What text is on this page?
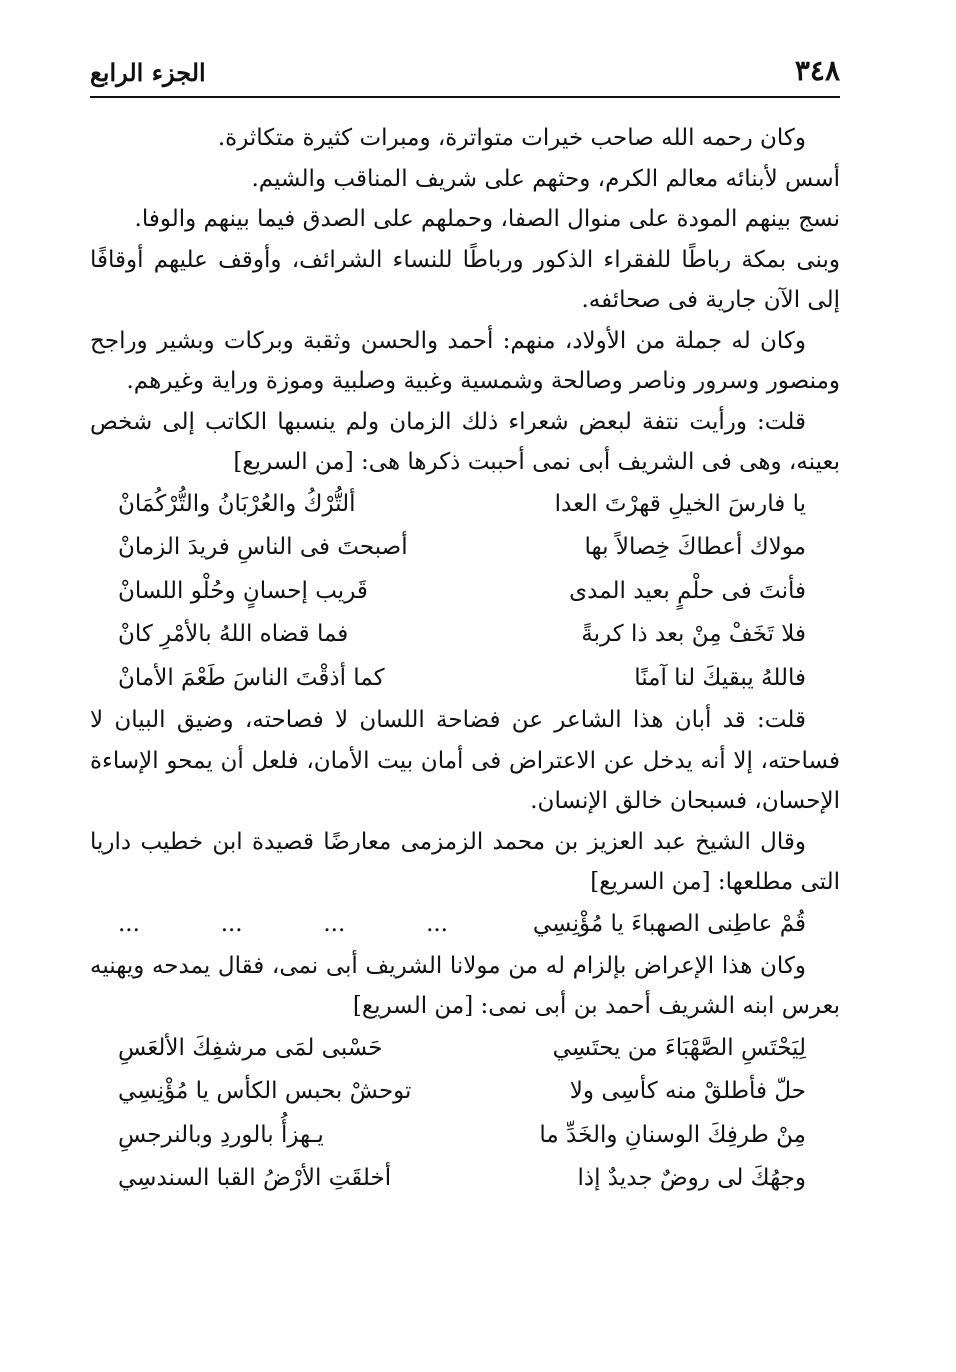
٣٤٨
الجزء الرابع

وكان رحمه الله صاحب خيرات متواترة، ومبرات كثيرة متكاثرة.

أسس لأبنائه معالم الكرم، وحثهم على شريف المناقب والشيم.

نسج بينهم المودة على منوال الصفا، وحملهم على الصدق فيما بينهم والوفا.

وبنى بمكة رباطًا للفقراء الذكور ورباطًا للنساء الشرائف، وأوقف عليهم أوقافًا إلى الآن جارية فى صحائفه.

وكان له جملة من الأولاد، منهم: أحمد والحسن وثقبة وبركات وبشير وراجح ومنصور وسرور وناصر وصالحة وشمسية وغبية وصلبية وموزة وراية وغيرهم.

قلت: ورأيت نتفة لبعض شعراء ذلك الزمان ولم ينسبها الكاتب إلى شخص بعينه، وهى فى الشريف أبى نمى أحببت ذكرها هى: [من السريع]

يا فارسَ الخيلِ قهرْتَ العدا
ألتُّرْكُ والعُرْبَانُ والتُّرْكُمَانْ
مولاك أعطاكَ خِصالاً بها
أصبحتَ فى الناسِ فريدَ الزمانْ
فأنتَ فى حلْمٍ بعيد المدى
قَريب إحسانٍ وحُلْو اللسانْ
فلا تَخَفْ مِنْ بعد ذا كربةً
فما قضاه اللهُ بالأمْرِ كانْ
فاللهُ يبقيكَ لنا آمنًا
كما أذقْتَ الناسَ طَعْمَ الأمانْ

قلت: قد أبان هذا الشاعر عن فضاحة اللسان لا فصاحته، وضيق البيان لا فساحته، إلا أنه يدخل عن الاعتراض فى أمان بيت الأمان، فلعل أن يمحو الإساءة الإحسان، فسبحان خالق الإنسان.

وقال الشيخ عبد العزيز بن محمد الزمزمى معارضًا قصيدة ابن خطيب داريا التى مطلعها: [من السريع]

قُمْ عاطِنى الصهباءَ يا مُؤْنِسِي
...
...
...
...

وكان هذا الإعراض بإلزام له من مولانا الشريف أبى نمى، فقال يمدحه ويهنيه بعرس ابنه الشريف أحمد بن أبى نمى: [من السريع]

لِيَحْتَسِ الصَّهْبَاءَ من يحتَسِي
حَسْبى لمَى مرشفِكَ الألعَسِ
حلّ فأطلقْ منه كأسِى ولا
توحشْ بحبس الكأس يا مُؤْنِسِي
مِنْ طرفِكَ الوسنانِ والخَدِّ ما
يـهزأُ بالوردِ وبالنرجسِ
وجهُكَ لى روضٌ جديدٌ إذا
أخلقَتِ الأرْضُ القبا السندسِي
